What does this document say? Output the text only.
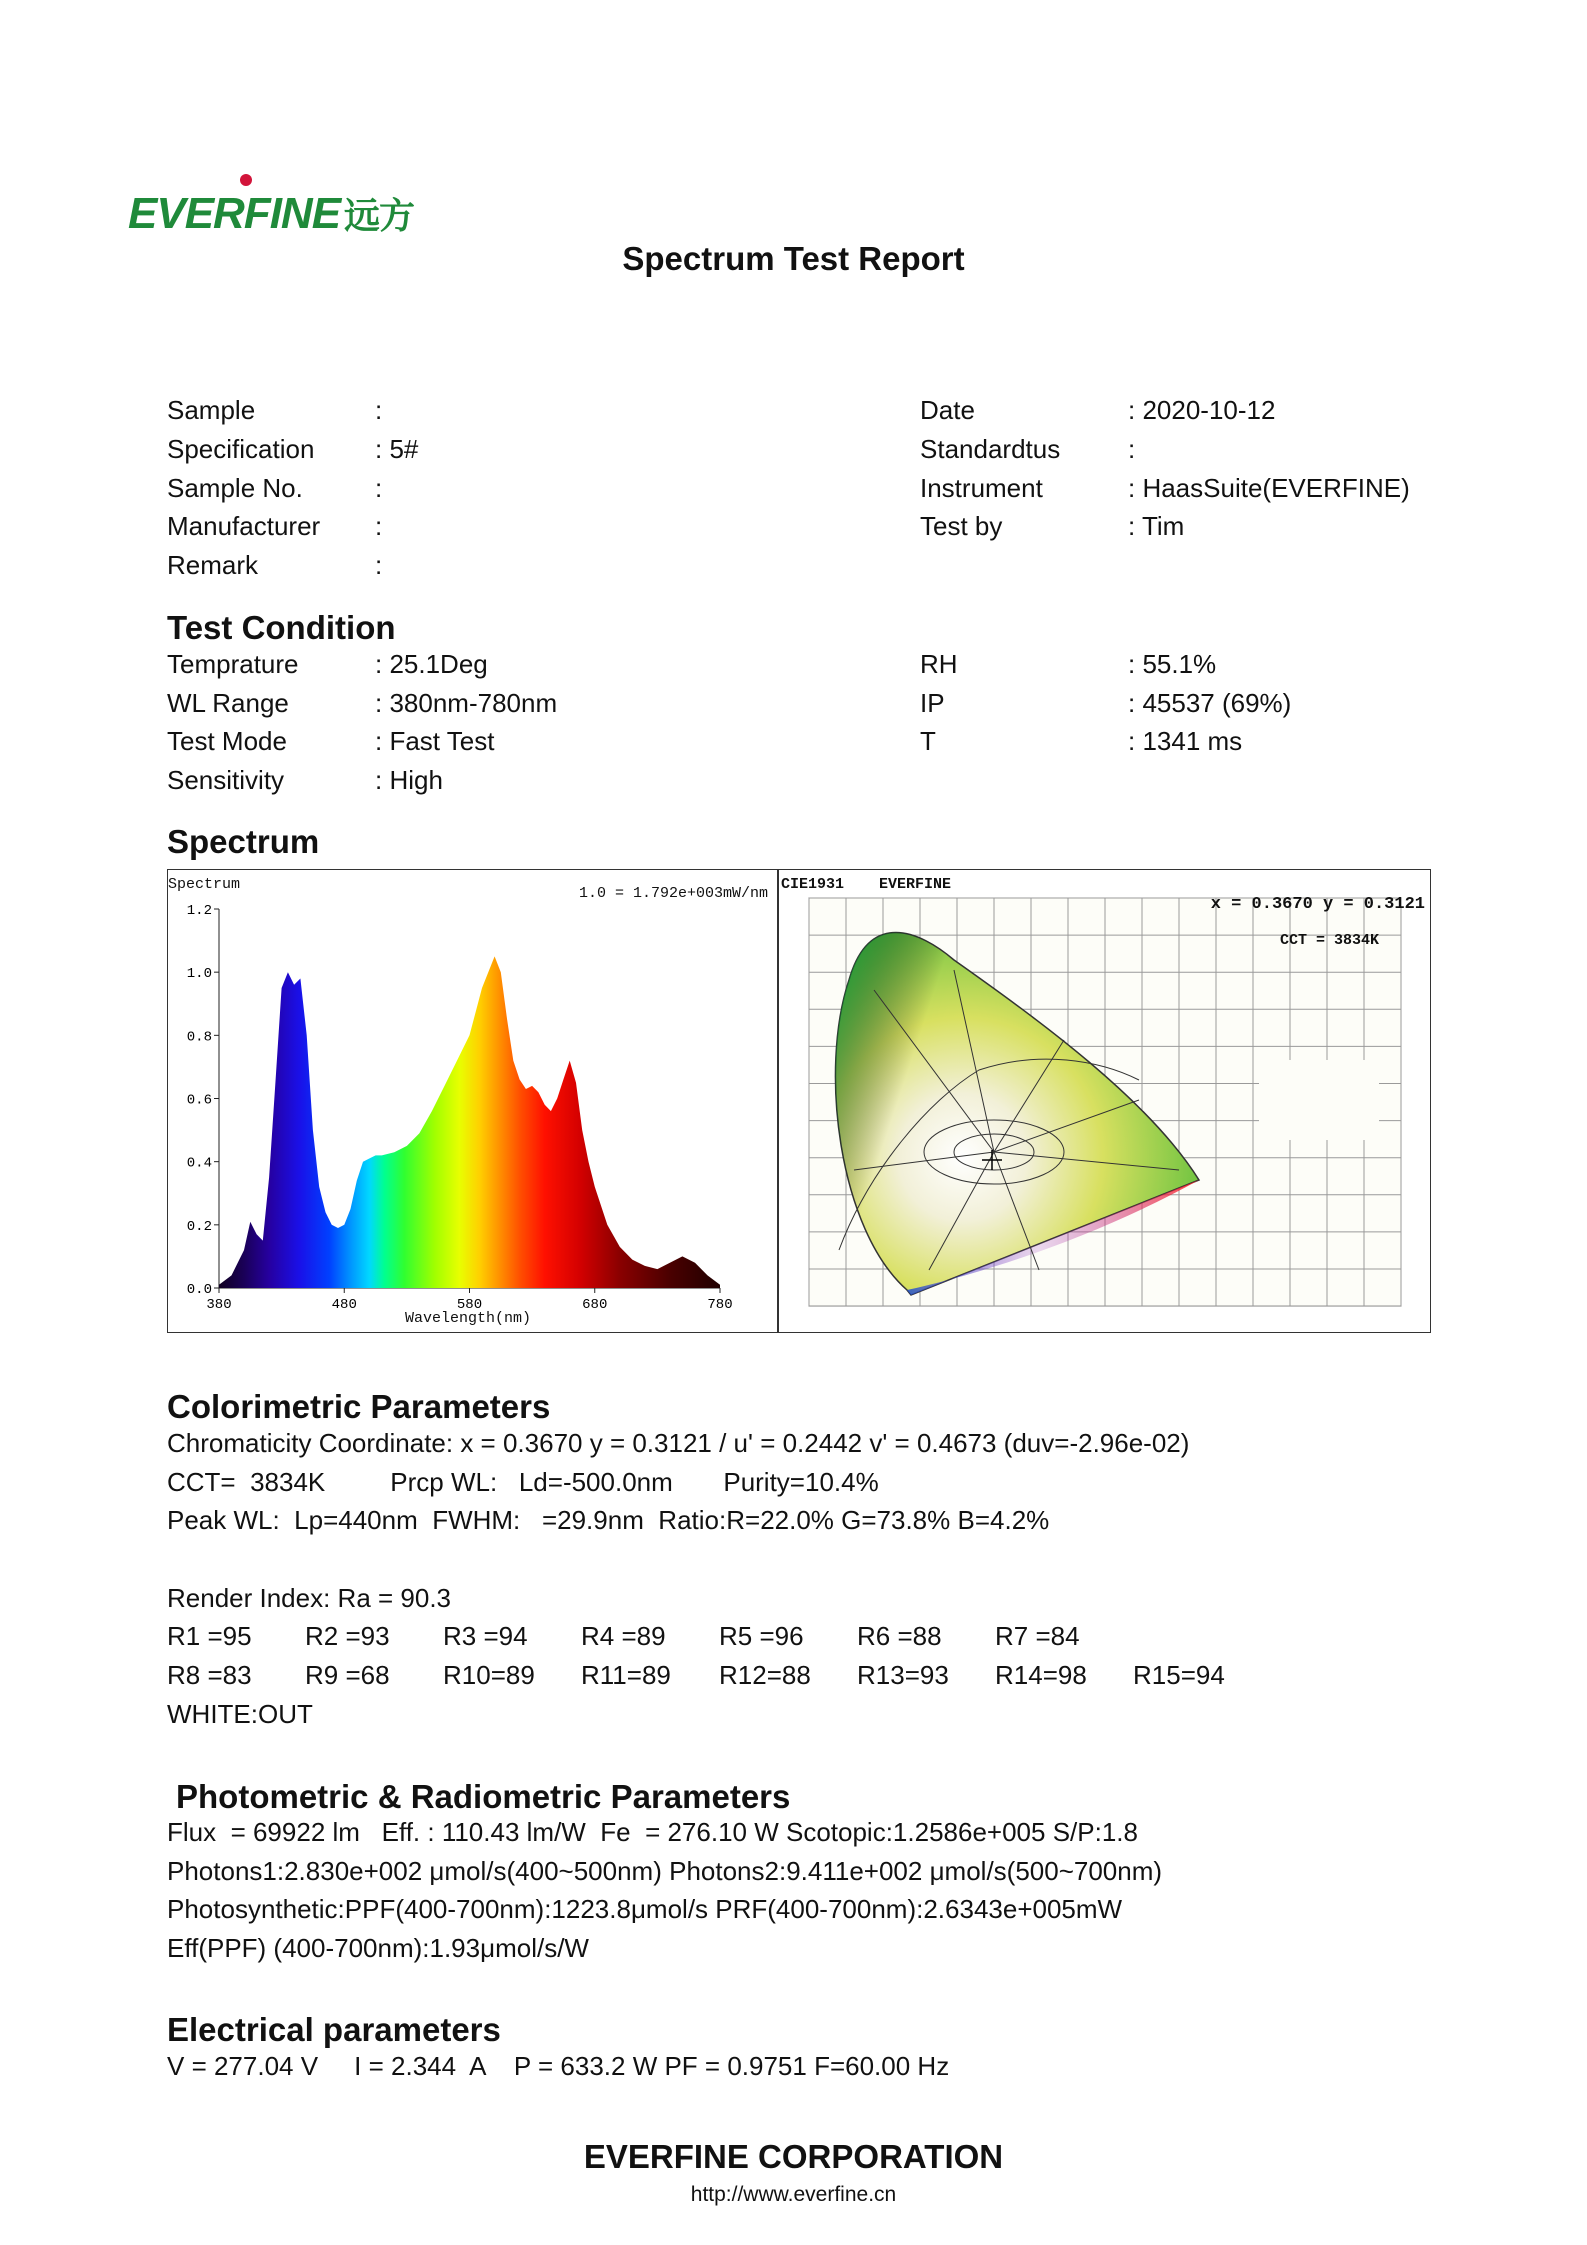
EVERFINE 远方
Spectrum Test Report
Sample	:
Specification : 5#
Sample No.	:
Manufacturer :
Remark	:
Date	: 2020-10-12
Standardtus	:
Instrument	: HaasSuite(EVERFINE)
Test by	: Tim
Test Condition
Temprature	: 25.1Deg
WL Range	: 380nm-780nm
Test Mode	: Fast Test
Sensitivity	: High
RH	: 55.1%
IP	: 45537 (69%)
T	: 1341 ms
Spectrum
0.0
0.2
0.4
0.6
0.8
1.0
1.2
380	480	580	680	780
Spectrum
1.0 = 1.792e+003mW/nm
Wavelength(nm)
CIE1931 EVERFINE
x = 0.3670 y = 0.3121
CCT = 3834K
Colorimetric Parameters
Chromaticity Coordinate: x = 0.3670 y = 0.3121 / u' = 0.2442 v' = 0.4673 (duv=-2.96e-02)
CCT=  3834K         Prcp WL:   Ld=-500.0nm       Purity=10.4%
Peak WL:  Lp=440nm  FWHM:   =29.9nm  Ratio:R=22.0% G=73.8% B=4.2%
Render Index: Ra = 90.3
R1 =95 R2 =93 R3 =94 R4 =89 R5 =96 R6 =88 R7 =84
R8 =83 R9 =68 R10=89 R11=89 R12=88 R13=93 R14=98 R15=94
WHITE:OUT
Photometric & Radiometric Parameters
Flux  = 69922 lm   Eff. : 110.43 lm/W  Fe  = 276.10 W Scotopic:1.2586e+005 S/P:1.8
Photons1:2.830e+002 μmol/s(400~500nm) Photons2:9.411e+002 μmol/s(500~700nm)
Photosynthetic:PPF(400-700nm):1223.8μmol/s PRF(400-700nm):2.6343e+005mW
Eff(PPF) (400-700nm):1.93μmol/s/W
Electrical parameters
V = 277.04 V     I = 2.344  A    P = 633.2 W PF = 0.9751 F=60.00 Hz
EVERFINE CORPORATION
http://www.everfine.cn
